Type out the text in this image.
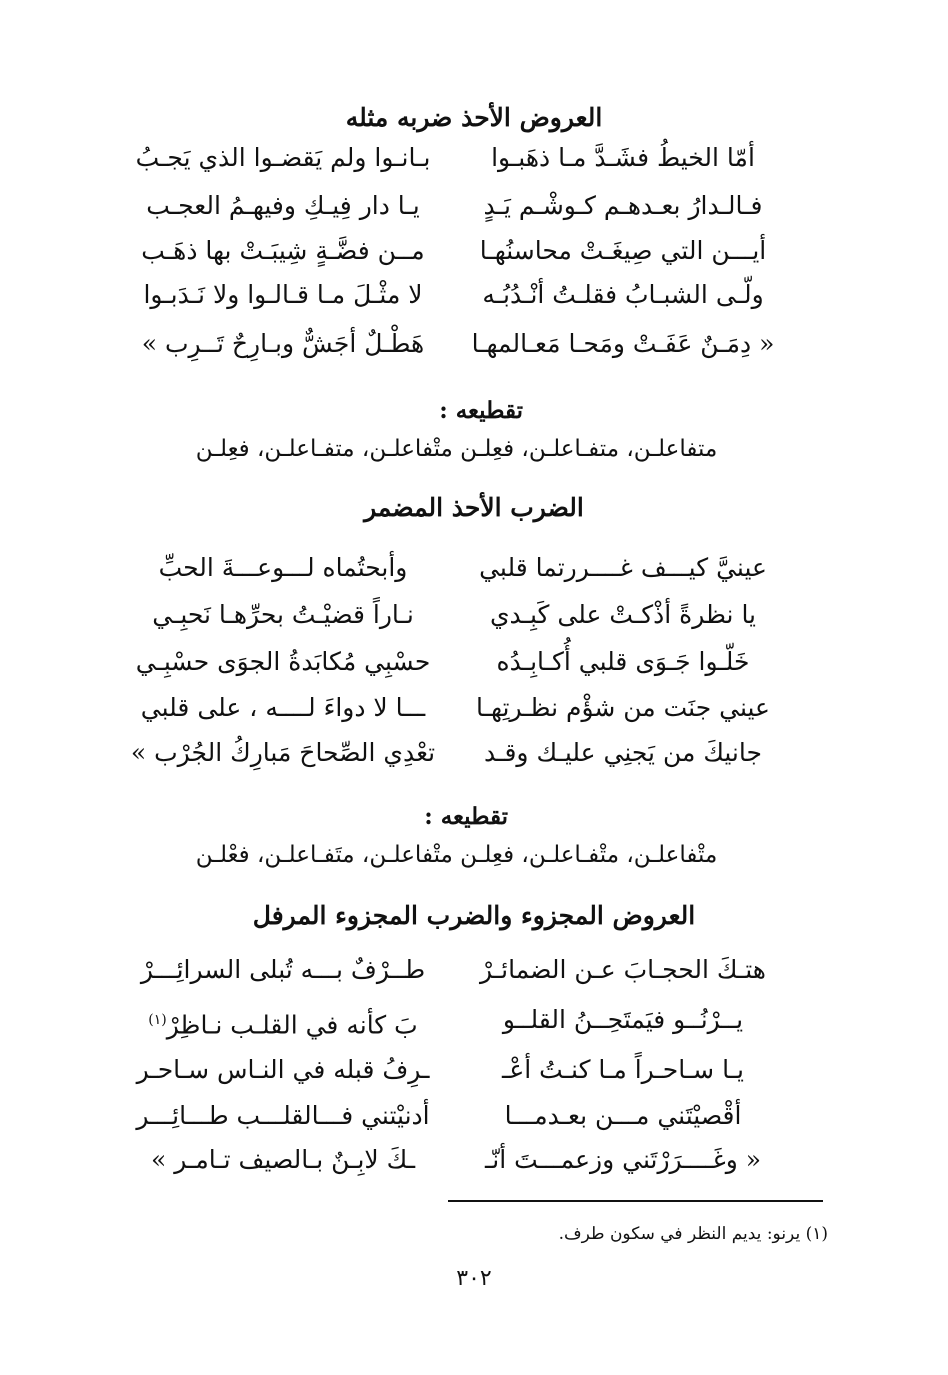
العروض الأحذ ضربه مثله
أمّا الخيطُ فشَـدَّ مـا ذهَبـوا
بـانـوا ولم يَقضـوا الذي يَجـبُ
فـالـدارُ بعـدهـم كـوشْـم يَـدٍ
يـا دار فِيـكِ وفيهـمُ العجـب
أيـــن التي صِيغَـتْ محاسنُهـا
مــن فضَّـةٍ شِيبَـتْ بها ذهَـب
ولّـى الشبـابُ فقلـتُ أنْـدُبُـه
لا مثْـلَ مـا قـالـوا ولا نَـدَبـوا
« دِمَـنٌ عَفَـتْ ومَحـا مَعـالمهـا
هَطْـلٌ أجَشٌّ وبـارِحٌ تَــرِب »
تقطيعه :
متفاعلـن، متفـاعلـن، فعِلـن متْفاعلـن، متفـاعلـن، فعِلـن
الضرب الأحذ المضمر
عينيَّ كيـــف غــــررتما قلبي
وأبحتُماه لـــوعـــةَ الحبِّ
يا نظرةً أذْكـتْ على كَبِـدي
نـاراً قضيْـتُ بحرِّهـا نَحبِـي
خَلّـوا جَـوَى قلبي أُكـابِـدُه
حسْبِي مُكابَدةُ الجوَى حسْبِـي
عيني جنَت من شؤْم نظـرتِهـا
ـــا لا دواءَ لــــه ، على قلبي
جانيكَ من يَجنِي عليـك وقـد
تعْدِي الصِّحاحَ مَبارِكُ الجُرْب »
تقطيعه :
متْفاعلـن، متْفـاعلـن، فعِلـن متْفاعلـن، متَفـاعلـن، فعْلـن
العروض المجزوء والضرب المجزوء المرفل
هتـكَ الحجـابَ عـن الضمائـرْ
طــرْفٌ بـــه تُبلى السرائِـــرْ
يــرْنُــو فيَمتَحِــنُ القلــو
بَ كأنه في القلـب نـاظِرْ$^{(١)}$
يـا سـاحـراً مـا كنـتُ أعْـ
ـرِفُ قبله في النـاس سـاحـر
أقْصيْتَني مـــن بعـدمـــا
أدنيْتني فـــالقلـــب طـــائِـــر
« وغَــــرَرْتَني وزعمـــتَ أنّـ
ـكَ لابِـنٌ بـالصيف تـامـر »
(١) يرنو: يديم النظر في سكون طرف.
٣٠٢
